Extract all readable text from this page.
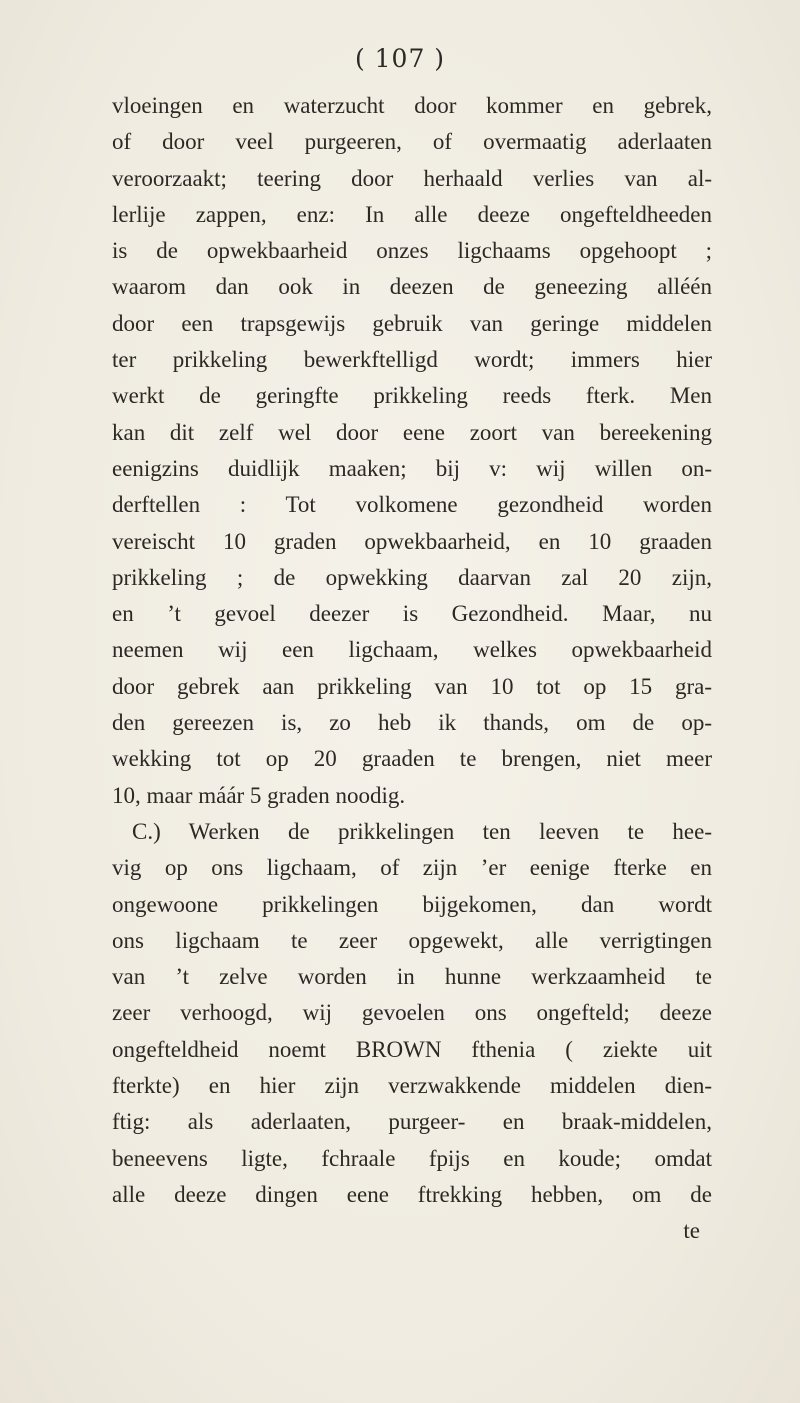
( 107 )
vloeingen en waterzucht door kommer en gebrek,
of door veel purgeeren, of overmaatig aderlaaten
veroorzaakt; teering door herhaald verlies van al-
lerlije zappen, enz: In alle deeze ongefteldheeden
is de opwekbaarheid onzes ligchaams opgehoopt ;
waarom dan ook in deezen de geneezing alléén
door een trapsgewijs gebruik van geringe middelen
ter prikkeling bewerkftelligd wordt; immers hier
werkt de geringfte prikkeling reeds fterk. Men
kan dit zelf wel door eene zoort van bereekening
eenigzins duidlijk maaken; bij v: wij willen on-
derftellen : Tot volkomene gezondheid worden
vereischt 10 graden opwekbaarheid, en 10 graaden
prikkeling ; de opwekking daarvan zal 20 zijn,
en ’t gevoel deezer is Gezondheid. Maar, nu
neemen wij een ligchaam, welkes opwekbaarheid
door gebrek aan prikkeling van 10 tot op 15 gra-
den gereezen is, zo heb ik thands, om de op-
wekking tot op 20 graaden te brengen, niet meer
10, maar máár 5 graden noodig.
C.) Werken de prikkelingen ten leeven te hee-
vig op ons ligchaam, of zijn ’er eenige fterke en
ongewoone prikkelingen bijgekomen, dan wordt
ons ligchaam te zeer opgewekt, alle verrigtingen
van ’t zelve worden in hunne werkzaamheid te
zeer verhoogd, wij gevoelen ons ongefteld; deeze
ongefteldheid noemt BROWN fthenia ( ziekte uit
fterkte) en hier zijn verzwakkende middelen dien-
ftig: als aderlaaten, purgeer- en braak-middelen,
beneevens ligte, fchraale fpijs en koude; omdat
alle deeze dingen eene ftrekking hebben, om de
te
